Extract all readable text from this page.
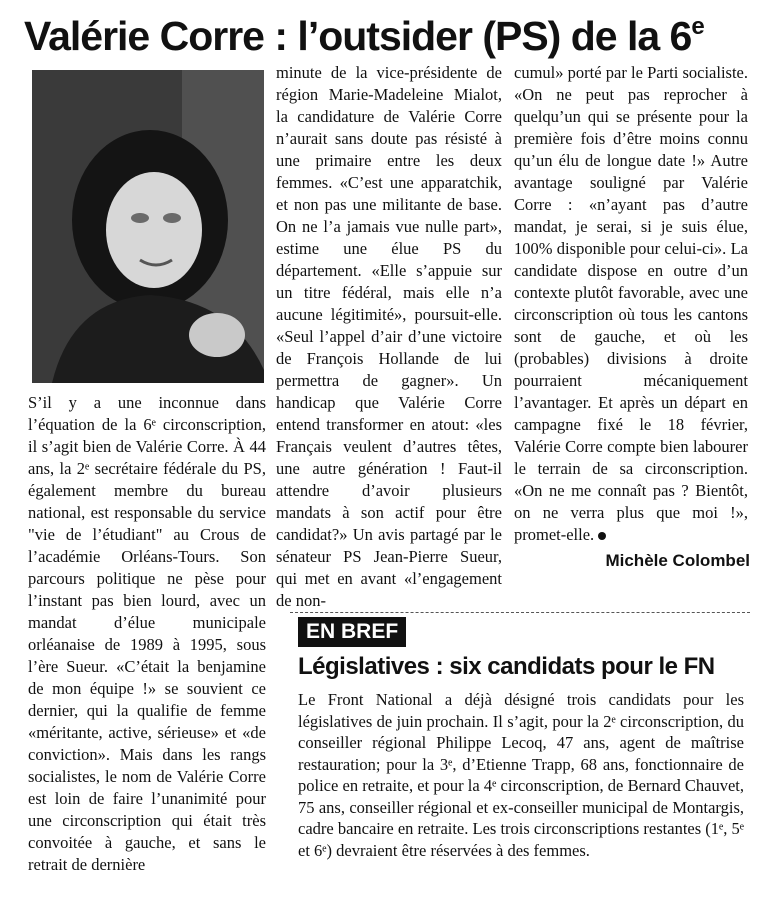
Valérie Corre : l’outsider (PS) de la 6e

S’il y a une inconnue dans l’équation de la 6ᵉ circonscription, il s’agit bien de Valérie Corre. À 44 ans, la 2ᵉ secrétaire fédérale du PS, également membre du bureau national, est responsable du service "vie de l’étudiant" au Crous de l’académie Orléans-Tours. Son parcours politique ne pèse pour l’instant pas bien lourd, avec un mandat d’élue municipale orléanaise de 1989 à 1995, sous l’ère Sueur. «C’était la benjamine de mon équipe !» se souvient ce dernier, qui la qualifie de femme «méritante, active, sérieuse» et «de conviction». Mais dans les rangs socialistes, le nom de Valérie Corre est loin de faire l’unanimité pour une circonscription qui était très convoitée à gauche, et sans le retrait de dernière

minute de la vice-présidente de région Marie-Madeleine Mialot, la candidature de Valérie Corre n’aurait sans doute pas résisté à une primaire entre les deux femmes. «C’est une apparatchik, et non pas une militante de base. On ne l’a jamais vue nulle part», estime une élue PS du département. «Elle s’appuie sur un titre fédéral, mais elle n’a aucune légitimité», poursuit-elle. «Seul l’appel d’air d’une victoire de François Hollande de lui permettra de gagner». Un handicap que Valérie Corre entend transformer en atout: «les Français veulent d’autres têtes, une autre génération ! Faut-il attendre d’avoir plusieurs mandats à son actif pour être candidat?» Un avis partagé par le sénateur PS Jean-Pierre Sueur, qui met en avant «l’engagement de non-

cumul» porté par le Parti socialiste. «On ne peut pas reprocher à quelqu’un qui se présente pour la première fois d’être moins connu qu’un élu de longue date !» Autre avantage souligné par Valérie Corre : «n’ayant pas d’autre mandat, je serai, si je suis élue, 100% disponible pour celui-ci». La candidate dispose en outre d’un contexte plutôt favorable, avec une circonscription où tous les cantons sont de gauche, et où les (probables) divisions à droite pourraient mécaniquement l’avantager. Et après un départ en campagne fixé le 18 février, Valérie Corre compte bien labourer le terrain de sa circonscription. «On ne me connaît pas ? Bientôt, on ne verra plus que moi !», promet-elle.

Michèle Colombel
EN BREF
Législatives : six candidats pour le FN

Le Front National a déjà désigné trois candidats pour les législatives de juin prochain. Il s’agit, pour la 2ᵉ circonscription, du conseiller régional Philippe Lecoq, 47 ans, agent de maîtrise restauration; pour la 3ᵉ, d’Etienne Trapp, 68 ans, fonctionnaire de police en retraite, et pour la 4ᵉ circonscription, de Bernard Chauvet, 75 ans, conseiller régional et ex-conseiller municipal de Montargis, cadre bancaire en retraite. Les trois circonscriptions restantes (1ᵉ, 5ᵉ et 6ᵉ) devraient être réservées à des femmes.
